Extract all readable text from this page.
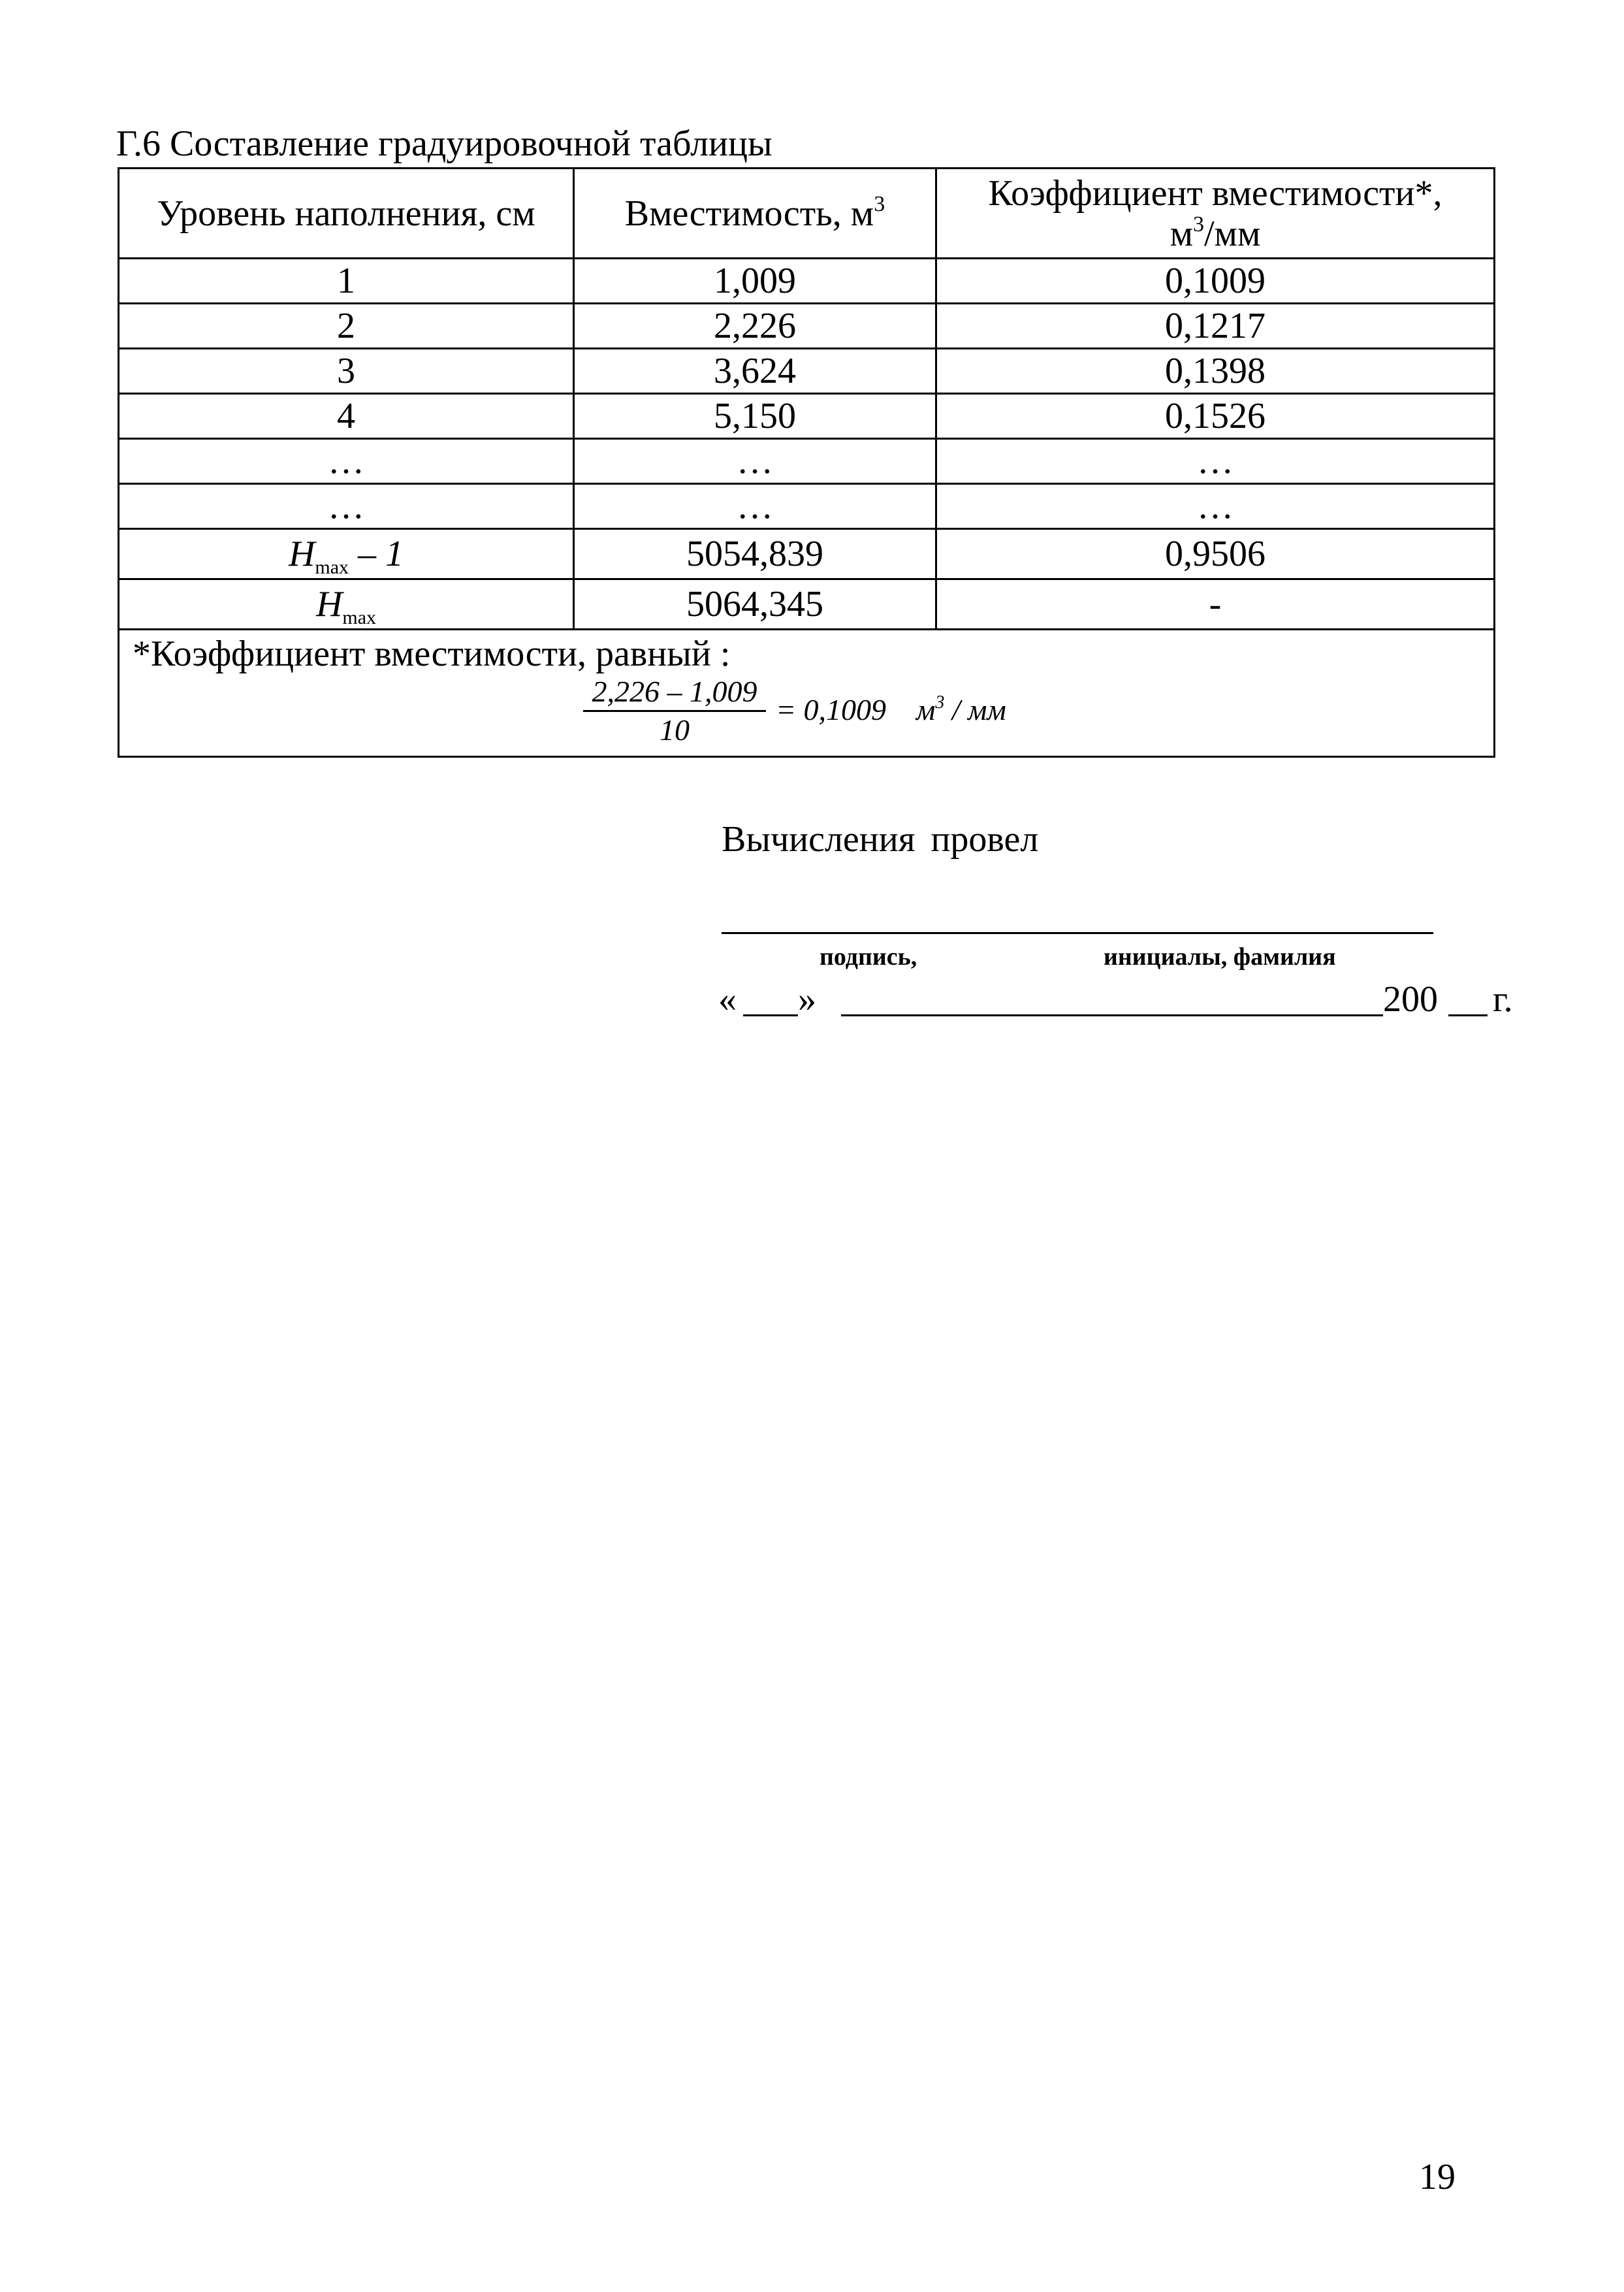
Г.6 Составление градуировочной таблицы
Уровень наполнения, см	Вместимость, $м^3$	Коэффициент вместимости*,
$м^3/мм$
1	1,009	0,1009
2	2,226	0,1217
3	3,624	0,1398
4	5,150	0,1526
…	…	…
…	…	…
$H_{max} - 1$	5054,839	0,9506
$H_{max}$	5064,345	-

*Коэффициент вместимости, равный :
$\frac{2,226 - 1,009}{10} = 0,1009$ $м^3$ / мм		
Вычисления провел
подпись,	инициалы, фамилия
« »	200 г.
19
